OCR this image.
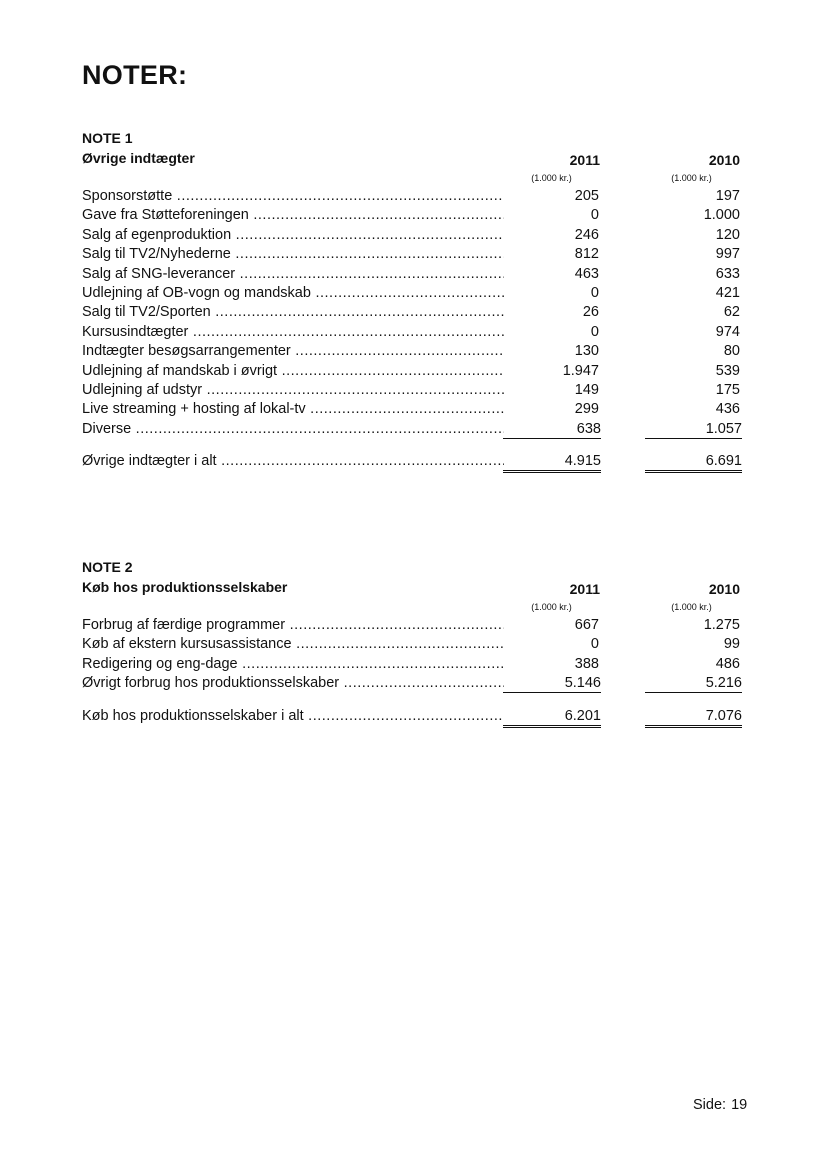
NOTER:
NOTE 1
Øvrige indtægter	2011	2010
(1.000 kr.)	(1.000 kr.)
Sponsorstøtte .....	205	197
Gave fra Støtteforeningen .....	0	1.000
Salg af egenproduktion .....	246	120
Salg til TV2/Nyhederne .....	812	997
Salg af SNG-leverancer .....	463	633
Udlejning af OB-vogn og mandskab .....	0	421
Salg til TV2/Sporten .....	26	62
Kursusindtægter .....	0	974
Indtægter besøgsarrangementer .....	130	80
Udlejning af mandskab i øvrigt .....	1.947	539
Udlejning af udstyr .....	149	175
Live streaming + hosting af lokal-tv .....	299	436
Diverse .....	638	1.057
Øvrige indtægter i alt .....	4.915	6.691
NOTE 2
Køb hos produktionsselskaber	2011	2010
(1.000 kr.)	(1.000 kr.)
Forbrug af færdige programmer .....	667	1.275
Køb af ekstern kursusassistance .....	0	99
Redigering og eng-dage .....	388	486
Øvrigt forbrug hos produktionsselskaber .....	5.146	5.216
Køb hos produktionsselskaber i alt .....	6.201	7.076
Side: 19
